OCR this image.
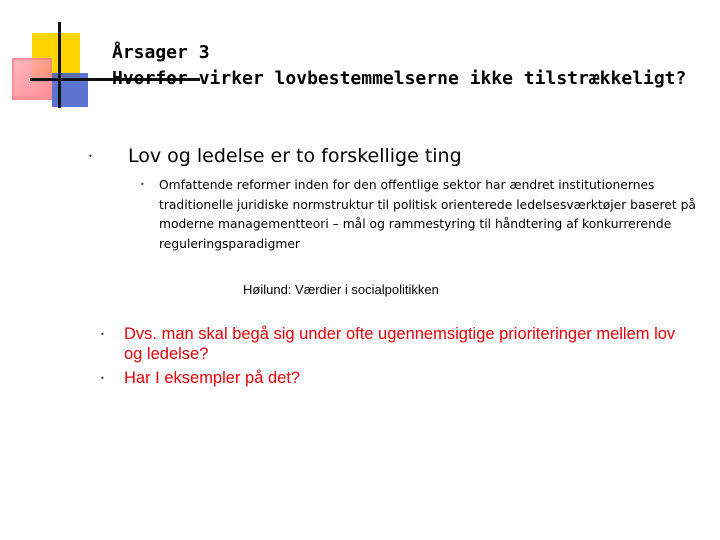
Årsager 3
Hvorfor virker lovbestemmelserne ikke tilstrækkeligt?
• Lov og ledelse er to forskellige ting
• Omfattende reformer inden for den offentlige sektor har ændret institutionernes traditionelle juridiske normstruktur til politisk orienterede ledelsesværktøjer baseret på moderne managementteori – mål og rammestyring til håndtering af konkurrerende reguleringsparadigmer
Høilund: Værdier i socialpolitikken
• Dvs. man skal begå sig under ofte ugennemsigtige prioriteringer mellem lov og ledelse?
• Har I eksempler på det?
